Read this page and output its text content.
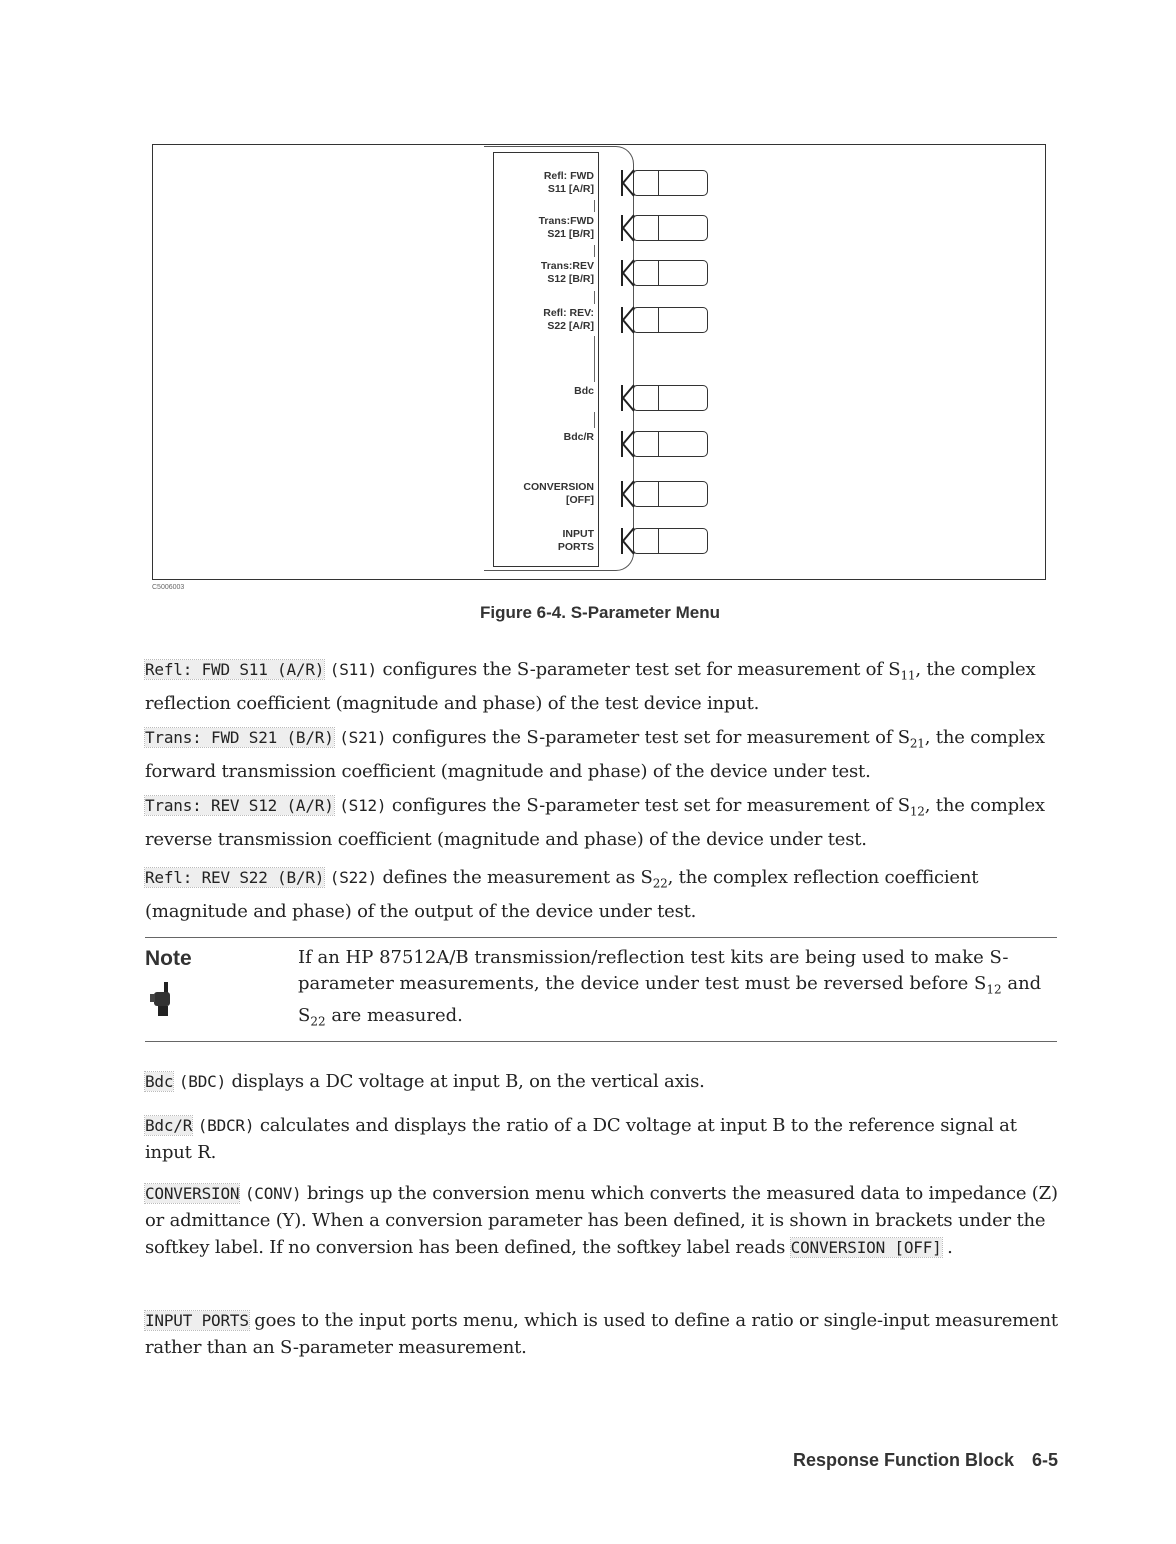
C5006003
Refl: FWD
S11 [A/R]
Trans:FWD
S21 [B/R]
Trans:REV
S12 [B/R]
Refl: REV:
S22 [A/R]
Bdc
Bdc/R
CONVERSION
[OFF]
INPUT
PORTS
Figure 6-4. S-Parameter Menu
Refl: FWD S11 (A/R) (S11) configures the S-parameter test set for measurement of $S_{11}$, the complex reflection coefficient (magnitude and phase) of the test device input.
Trans: FWD S21 (B/R) (S21) configures the S-parameter test set for measurement of $S_{21}$, the complex forward transmission coefficient (magnitude and phase) of the device under test.
Trans: REV S12 (A/R) (S12) configures the S-parameter test set for measurement of $S_{12}$, the complex reverse transmission coefficient (magnitude and phase) of the device under test.
Refl: REV S22 (B/R) (S22) defines the measurement as $S_{22}$, the complex reflection coefficient (magnitude and phase) of the output of the device under test.
Note	If an HP 87512A/B transmission/reflection test kits are being used to make S-parameter measurements, the device under test must be reversed before $S_{12}$ and $S_{22}$ are measured.
Bdc (BDC) displays a DC voltage at input B, on the vertical axis.
Bdc/R (BDCR) calculates and displays the ratio of a DC voltage at input B to the reference signal at input R.
CONVERSION (CONV) brings up the conversion menu which converts the measured data to impedance (Z) or admittance (Y). When a conversion parameter has been defined, it is shown in brackets under the softkey label. If no conversion has been defined, the softkey label reads CONVERSION [OFF] .
INPUT PORTS goes to the input ports menu, which is used to define a ratio or single-input measurement rather than an S-parameter measurement.
Response Function Block 6-5
